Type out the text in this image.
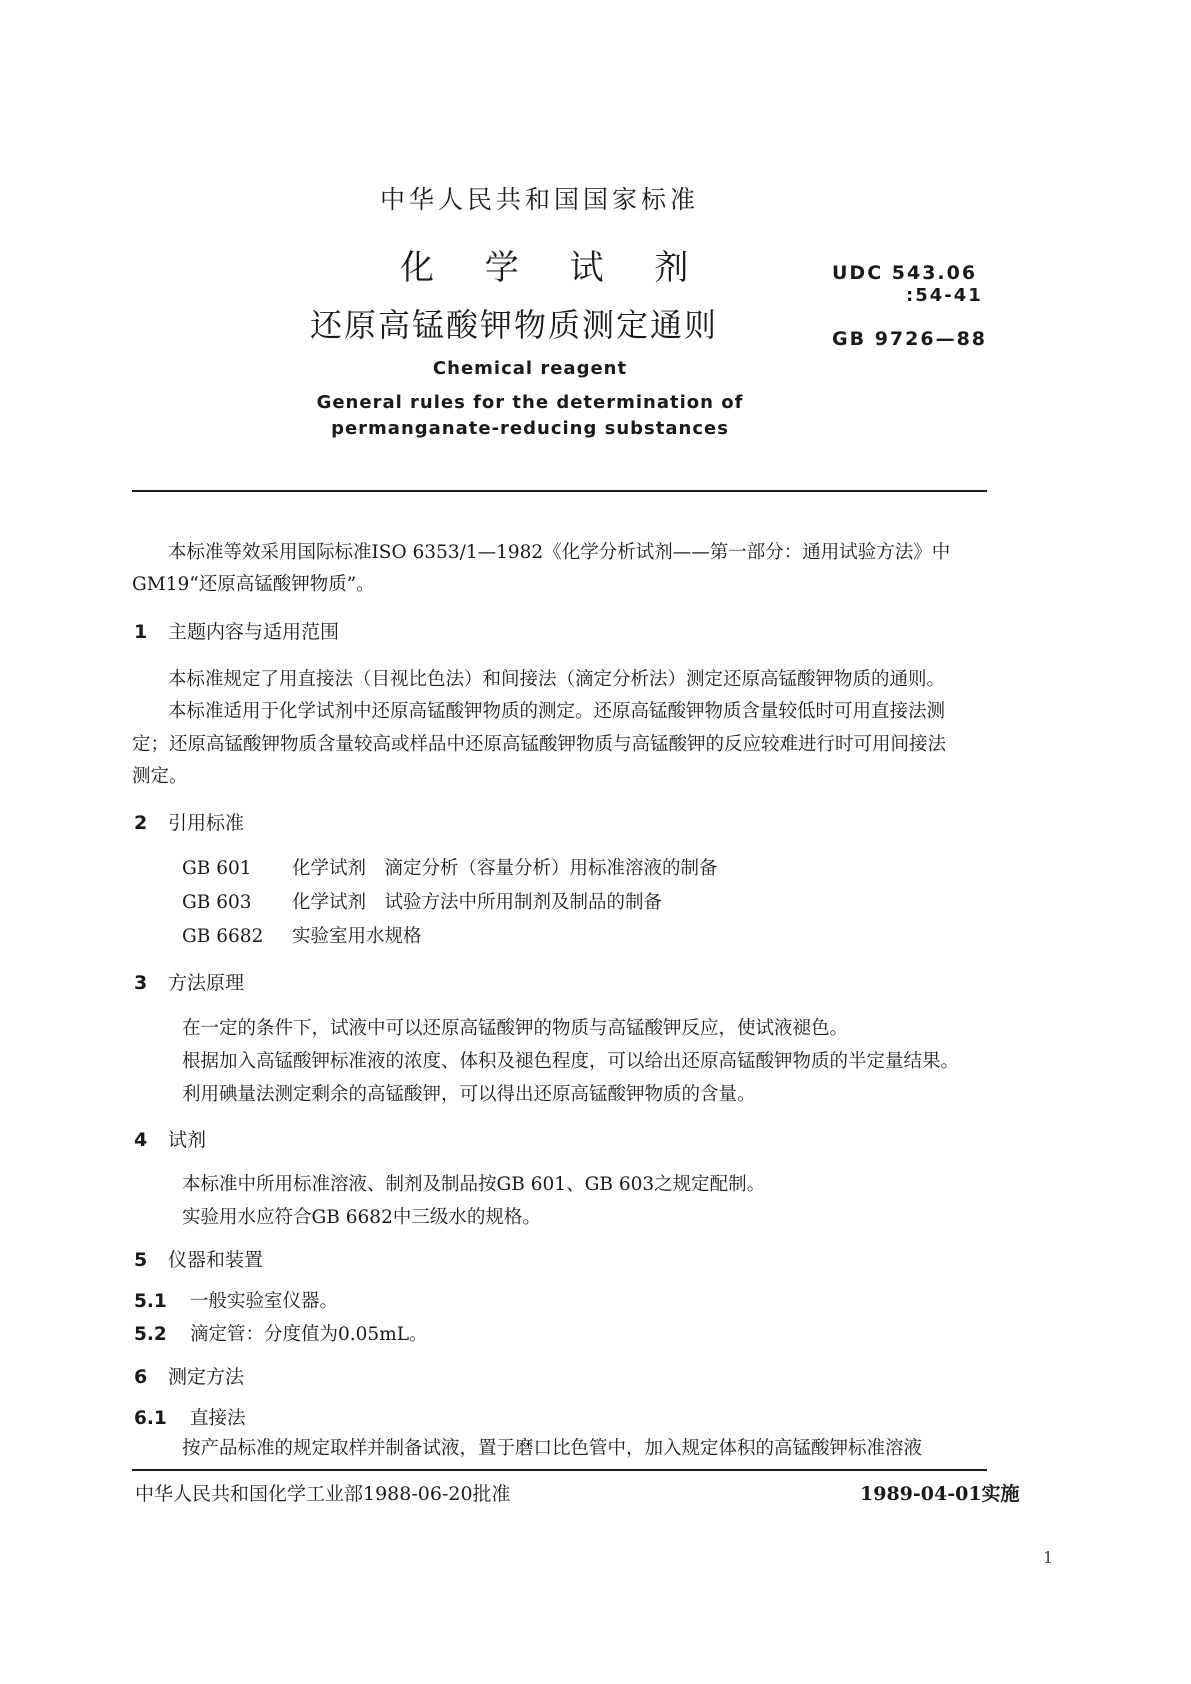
中华人民共和国国家标准

化 学 试 剂

还原高锰酸钾物质测定通则

UDC 543.06

:54-41

GB 9726—88

Chemical reagent

General rules for the determination of

permanganate-reducing substances

本标准等效采用国际标准ISO 6353/1—1982《化学分析试剂——第一部分：通用试验方法》中

GM19“还原高锰酸钾物质”。

1 主题内容与适用范围

本标准规定了用直接法（目视比色法）和间接法（滴定分析法）测定还原高锰酸钾物质的通则。

本标准适用于化学试剂中还原高锰酸钾物质的测定。还原高锰酸钾物质含量较低时可用直接法测

定；还原高锰酸钾物质含量较高或样品中还原高锰酸钾物质与高锰酸钾的反应较难进行时可用间接法

测定。

2 引用标准

GB 601 化学试剂　滴定分析（容量分析）用标准溶液的制备

GB 603 化学试剂　试验方法中所用制剂及制品的制备

GB 6682 实验室用水规格

3 方法原理

在一定的条件下，试液中可以还原高锰酸钾的物质与高锰酸钾反应，使试液褪色。

根据加入高锰酸钾标准液的浓度、体积及褪色程度，可以给出还原高锰酸钾物质的半定量结果。

利用碘量法测定剩余的高锰酸钾，可以得出还原高锰酸钾物质的含量。

4 试剂

本标准中所用标准溶液、制剂及制品按GB 601、GB 603之规定配制。

实验用水应符合GB 6682中三级水的规格。

5 仪器和装置

5.1 一般实验室仪器。

5.2 滴定管：分度值为0.05mL。

6 测定方法

6.1 直接法

按产品标准的规定取样并制备试液，置于磨口比色管中，加入规定体积的高锰酸钾标准溶液

中华人民共和国化学工业部1988-06-20批准	1989-04-01实施

1
